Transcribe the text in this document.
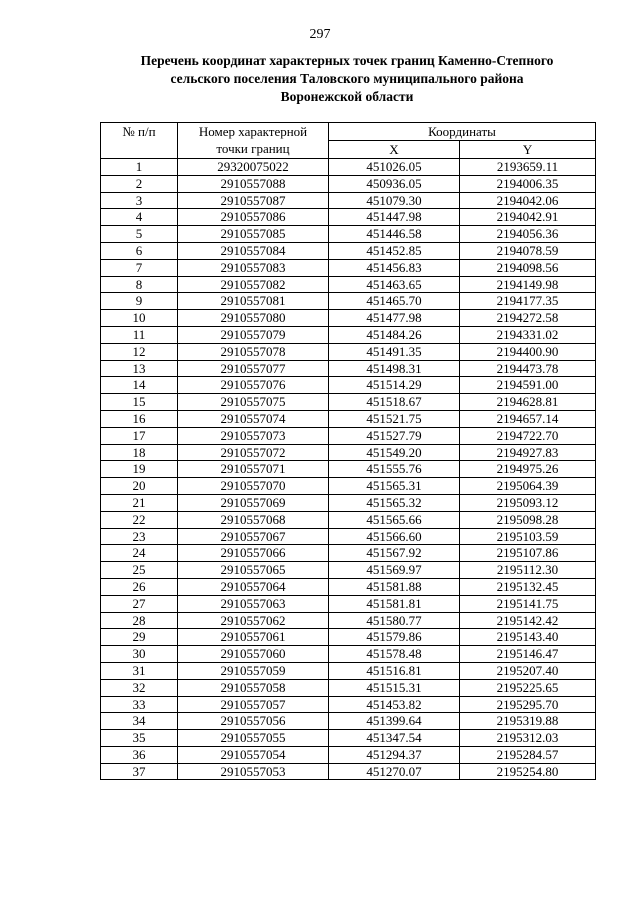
297
Перечень координат характерных точек границ Каменно-Степного
сельского поселения Таловского муниципального района
Воронежской области
№ п/п	Номер характерной точки границ	Координаты	
		X	Y
1	29320075022	451026.05	2193659.11
2	2910557088	450936.05	2194006.35
3	2910557087	451079.30	2194042.06
4	2910557086	451447.98	2194042.91
5	2910557085	451446.58	2194056.36
6	2910557084	451452.85	2194078.59
7	2910557083	451456.83	2194098.56
8	2910557082	451463.65	2194149.98
9	2910557081	451465.70	2194177.35
10	2910557080	451477.98	2194272.58
11	2910557079	451484.26	2194331.02
12	2910557078	451491.35	2194400.90
13	2910557077	451498.31	2194473.78
14	2910557076	451514.29	2194591.00
15	2910557075	451518.67	2194628.81
16	2910557074	451521.75	2194657.14
17	2910557073	451527.79	2194722.70
18	2910557072	451549.20	2194927.83
19	2910557071	451555.76	2194975.26
20	2910557070	451565.31	2195064.39
21	2910557069	451565.32	2195093.12
22	2910557068	451565.66	2195098.28
23	2910557067	451566.60	2195103.59
24	2910557066	451567.92	2195107.86
25	2910557065	451569.97	2195112.30
26	2910557064	451581.88	2195132.45
27	2910557063	451581.81	2195141.75
28	2910557062	451580.77	2195142.42
29	2910557061	451579.86	2195143.40
30	2910557060	451578.48	2195146.47
31	2910557059	451516.81	2195207.40
32	2910557058	451515.31	2195225.65
33	2910557057	451453.82	2195295.70
34	2910557056	451399.64	2195319.88
35	2910557055	451347.54	2195312.03
36	2910557054	451294.37	2195284.57
37	2910557053	451270.07	2195254.80
